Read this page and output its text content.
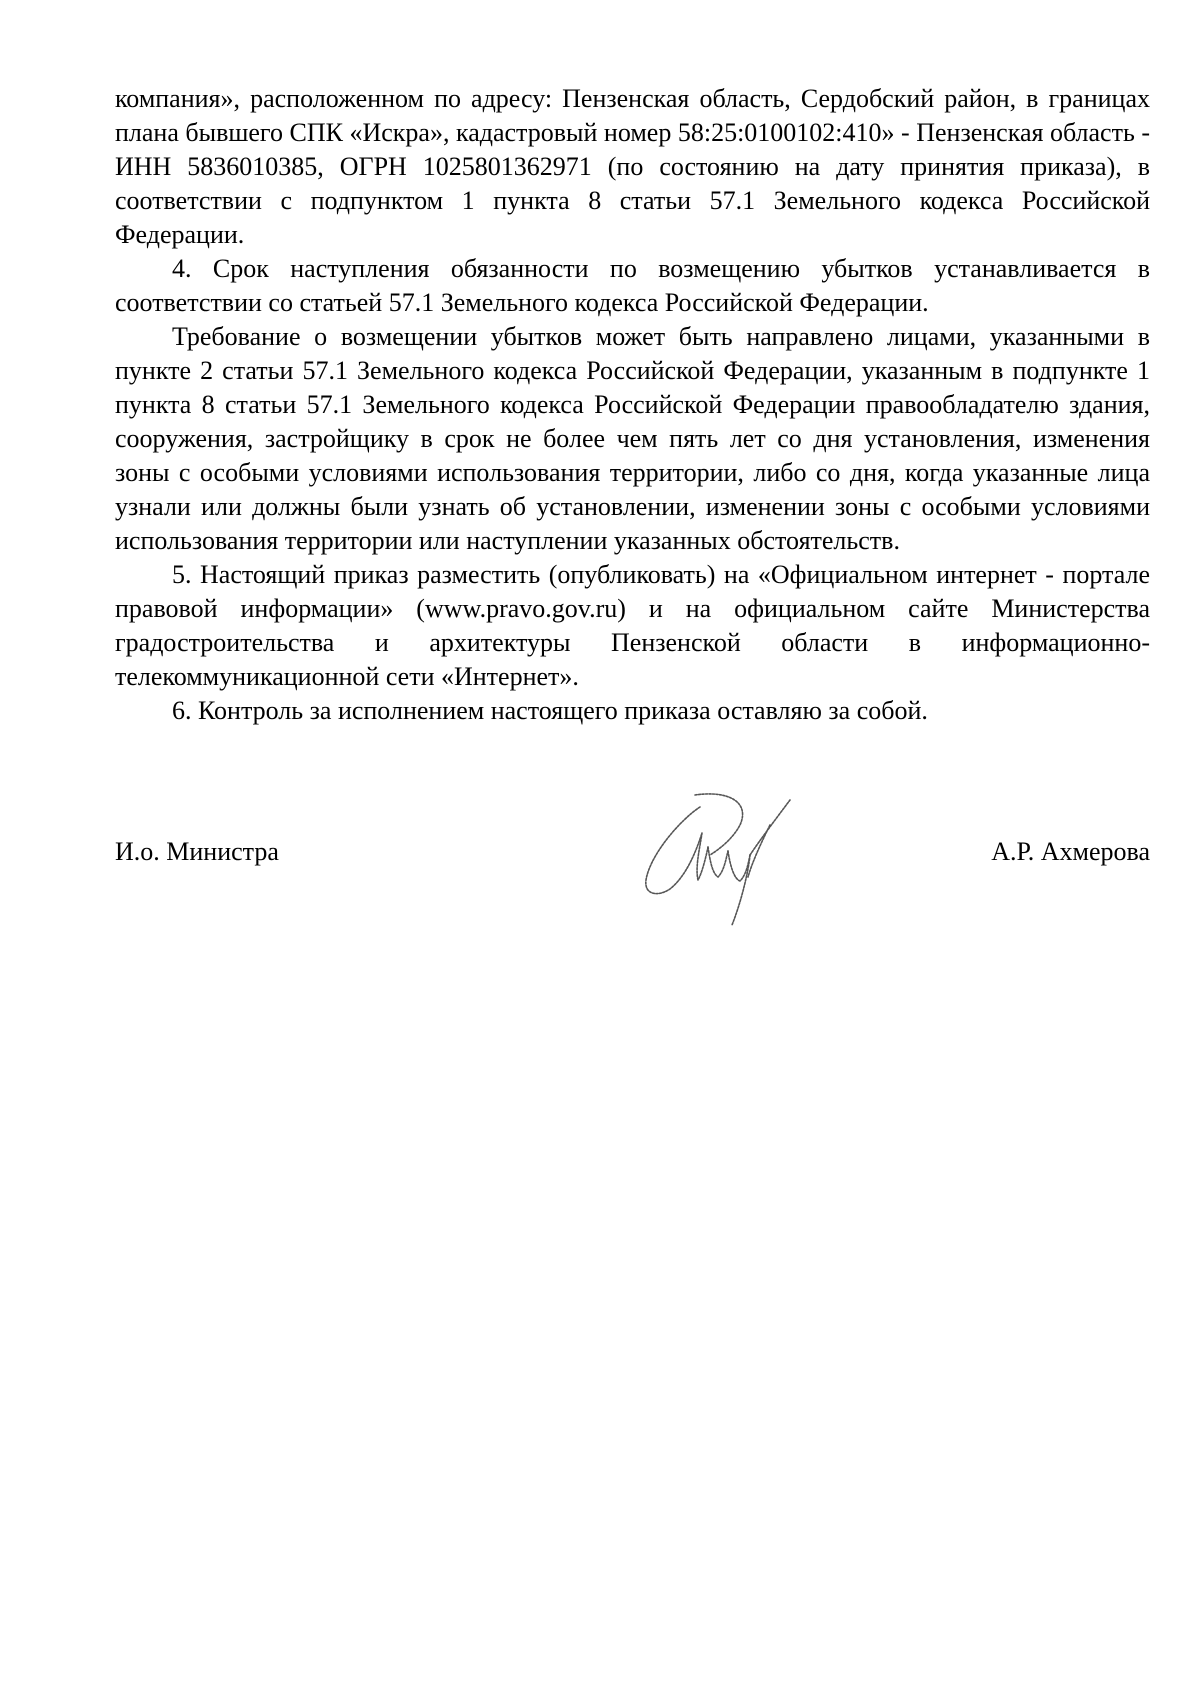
компания», расположенном по адресу: Пензенская область, Сердобский район, в границах плана бывшего СПК «Искра», кадастровый номер 58:25:0100102:410» - Пензенская область - ИНН 5836010385, ОГРН 1025801362971 (по состоянию на дату принятия приказа), в соответствии с подпунктом 1 пункта 8 статьи 57.1 Земельного кодекса Российской Федерации.

4. Срок наступления обязанности по возмещению убытков устанавливается в соответствии со статьей 57.1 Земельного кодекса Российской Федерации.

Требование о возмещении убытков может быть направлено лицами, указанными в пункте 2 статьи 57.1 Земельного кодекса Российской Федерации, указанным в подпункте 1 пункта 8 статьи 57.1 Земельного кодекса Российской Федерации правообладателю здания, сооружения, застройщику в срок не более чем пять лет со дня установления, изменения зоны с особыми условиями использования территории, либо со дня, когда указанные лица узнали или должны были узнать об установлении, изменении зоны с особыми условиями использования территории или наступлении указанных обстоятельств.

5. Настоящий приказ разместить (опубликовать) на «Официальном интернет - портале правовой информации» (www.pravo.gov.ru) и на официальном сайте Министерства градостроительства и архитектуры Пензенской области в информационно-телекоммуникационной сети «Интернет».

6. Контроль за исполнением настоящего приказа оставляю за собой.

И.о. Министра	А.Р. Ахмерова
